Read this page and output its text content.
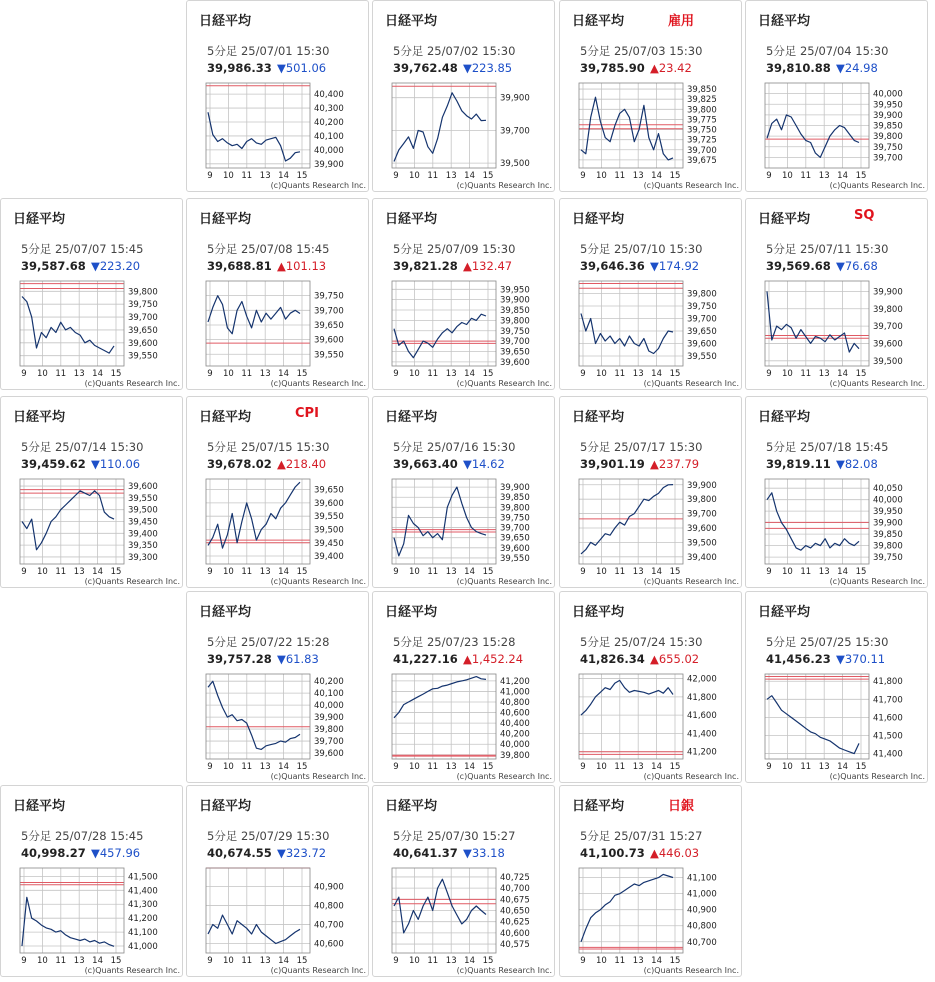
日経平均
5分足 25/07/01 15:30
39,986.33 ▼501.06
40,400
40,300
40,200
40,100
40,000
39,900
9 10 11 13 14 15
(c)Quants Research Inc.
日経平均
5分足 25/07/02 15:30
39,762.48 ▼223.85
39,900
39,700
39,500
9 10 11 13 14 15
(c)Quants Research Inc.
日経平均	雇用
5分足 25/07/03 15:30
39,785.90 ▲23.42
39,850
39,825
39,800
39,775
39,750
39,725
39,700
39,675
9 10 11 13 14 15
(c)Quants Research Inc.
日経平均
5分足 25/07/04 15:30
39,810.88 ▼24.98
40,000
39,950
39,900
39,850
39,800
39,750
39,700
9 10 11 13 14 15
(c)Quants Research Inc.
日経平均
5分足 25/07/07 15:45
39,587.68 ▼223.20
39,800
39,750
39,700
39,650
39,600
39,550
9 10 11 13 14 15
(c)Quants Research Inc.
日経平均
5分足 25/07/08 15:45
39,688.81 ▲101.13
39,750
39,700
39,650
39,600
39,550
9 10 11 13 14 15
(c)Quants Research Inc.
日経平均
5分足 25/07/09 15:30
39,821.28 ▲132.47
39,950
39,900
39,850
39,800
39,750
39,700
39,650
39,600
9 10 11 13 14 15
(c)Quants Research Inc.
日経平均
5分足 25/07/10 15:30
39,646.36 ▼174.92
39,800
39,750
39,700
39,650
39,600
39,550
9 10 11 13 14 15
(c)Quants Research Inc.
日経平均	SQ
5分足 25/07/11 15:30
39,569.68 ▼76.68
39,900
39,800
39,700
39,600
39,500
9 10 11 13 14 15
(c)Quants Research Inc.
日経平均
5分足 25/07/14 15:30
39,459.62 ▼110.06
39,600
39,550
39,500
39,450
39,400
39,350
39,300
9 10 11 13 14 15
(c)Quants Research Inc.
日経平均	CPI
5分足 25/07/15 15:30
39,678.02 ▲218.40
39,650
39,600
39,550
39,500
39,450
39,400
9 10 11 13 14 15
(c)Quants Research Inc.
日経平均
5分足 25/07/16 15:30
39,663.40 ▼14.62
39,900
39,850
39,800
39,750
39,700
39,650
39,600
39,550
9 10 11 13 14 15
(c)Quants Research Inc.
日経平均
5分足 25/07/17 15:30
39,901.19 ▲237.79
39,900
39,800
39,700
39,600
39,500
39,400
9 10 11 13 14 15
(c)Quants Research Inc.
日経平均
5分足 25/07/18 15:45
39,819.11 ▼82.08
40,050
40,000
39,950
39,900
39,850
39,800
39,750
9 10 11 13 14 15
(c)Quants Research Inc.
日経平均
5分足 25/07/22 15:28
39,757.28 ▼61.83
40,200
40,100
40,000
39,900
39,800
39,700
39,600
9 10 11 13 14 15
(c)Quants Research Inc.
日経平均
5分足 25/07/23 15:28
41,227.16 ▲1,452.24
41,200
41,000
40,800
40,600
40,400
40,200
40,000
39,800
9 10 11 13 14 15
(c)Quants Research Inc.
日経平均
5分足 25/07/24 15:30
41,826.34 ▲655.02
42,000
41,800
41,600
41,400
41,200
9 10 11 13 14 15
(c)Quants Research Inc.
日経平均
5分足 25/07/25 15:30
41,456.23 ▼370.11
41,800
41,700
41,600
41,500
41,400
9 10 11 13 14 15
(c)Quants Research Inc.
日経平均
5分足 25/07/28 15:45
40,998.27 ▼457.96
41,500
41,400
41,300
41,200
41,100
41,000
9 10 11 13 14 15
(c)Quants Research Inc.
日経平均
5分足 25/07/29 15:30
40,674.55 ▼323.72
40,900
40,800
40,700
40,600
9 10 11 13 14 15
(c)Quants Research Inc.
日経平均
5分足 25/07/30 15:27
40,641.37 ▼33.18
40,725
40,700
40,675
40,650
40,625
40,600
40,575
9 10 11 13 14 15
(c)Quants Research Inc.
日経平均	日銀
5分足 25/07/31 15:27
41,100.73 ▲446.03
41,100
41,000
40,900
40,800
40,700
9 10 11 13 14 15
(c)Quants Research Inc.
